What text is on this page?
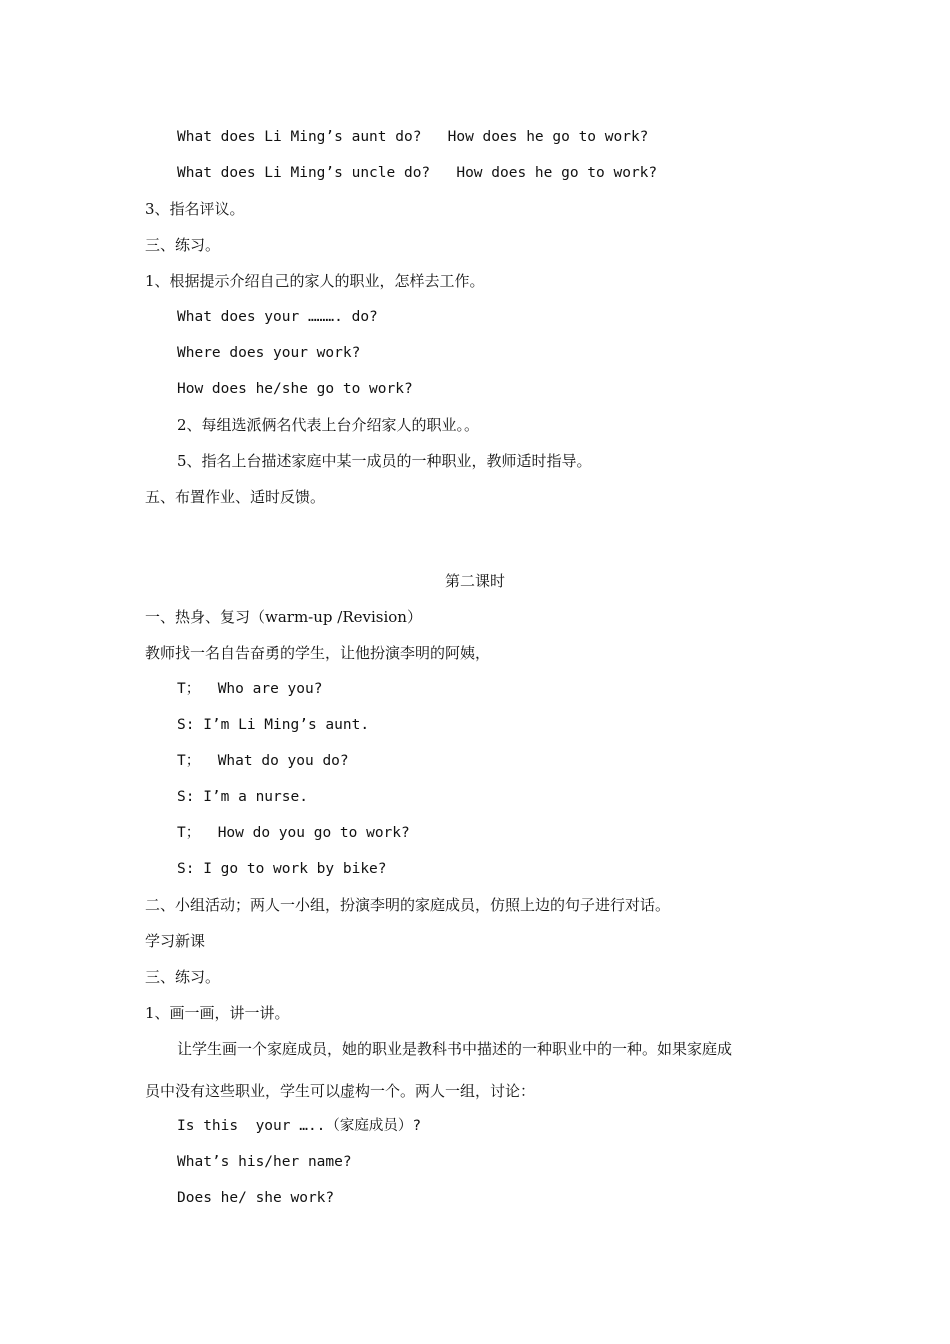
What does Li Ming’s aunt do?   How does he go to work?
What does Li Ming’s uncle do?   How does he go to work?
3、指名评议。
三、练习。
1、根据提示介绍自己的家人的职业，怎样去工作。
What does your ………. do?
Where does your work?
How does he/she go to work?
2、每组选派俩名代表上台介绍家人的职业。。
5、指名上台描述家庭中某一成员的一种职业，教师适时指导。
五、布置作业、适时反馈。
第二课时
一、热身、复习（warm-up /Revision）
教师找一名自告奋勇的学生，让他扮演李明的阿姨，
T；  Who are you?
S: I’m Li Ming’s aunt.
T；  What do you do?
S: I’m a nurse.
T；  How do you go to work?
S: I go to work by bike?
二、小组活动；两人一小组，扮演李明的家庭成员，仿照上边的句子进行对话。
学习新课
三、练习。
1、画一画，讲一讲。
让学生画一个家庭成员，她的职业是教科书中描述的一种职业中的一种。如果家庭成
员中没有这些职业，学生可以虚构一个。两人一组，讨论：
Is this  your …..（家庭成员）?
What’s his/her name?
Does he/ she work?
